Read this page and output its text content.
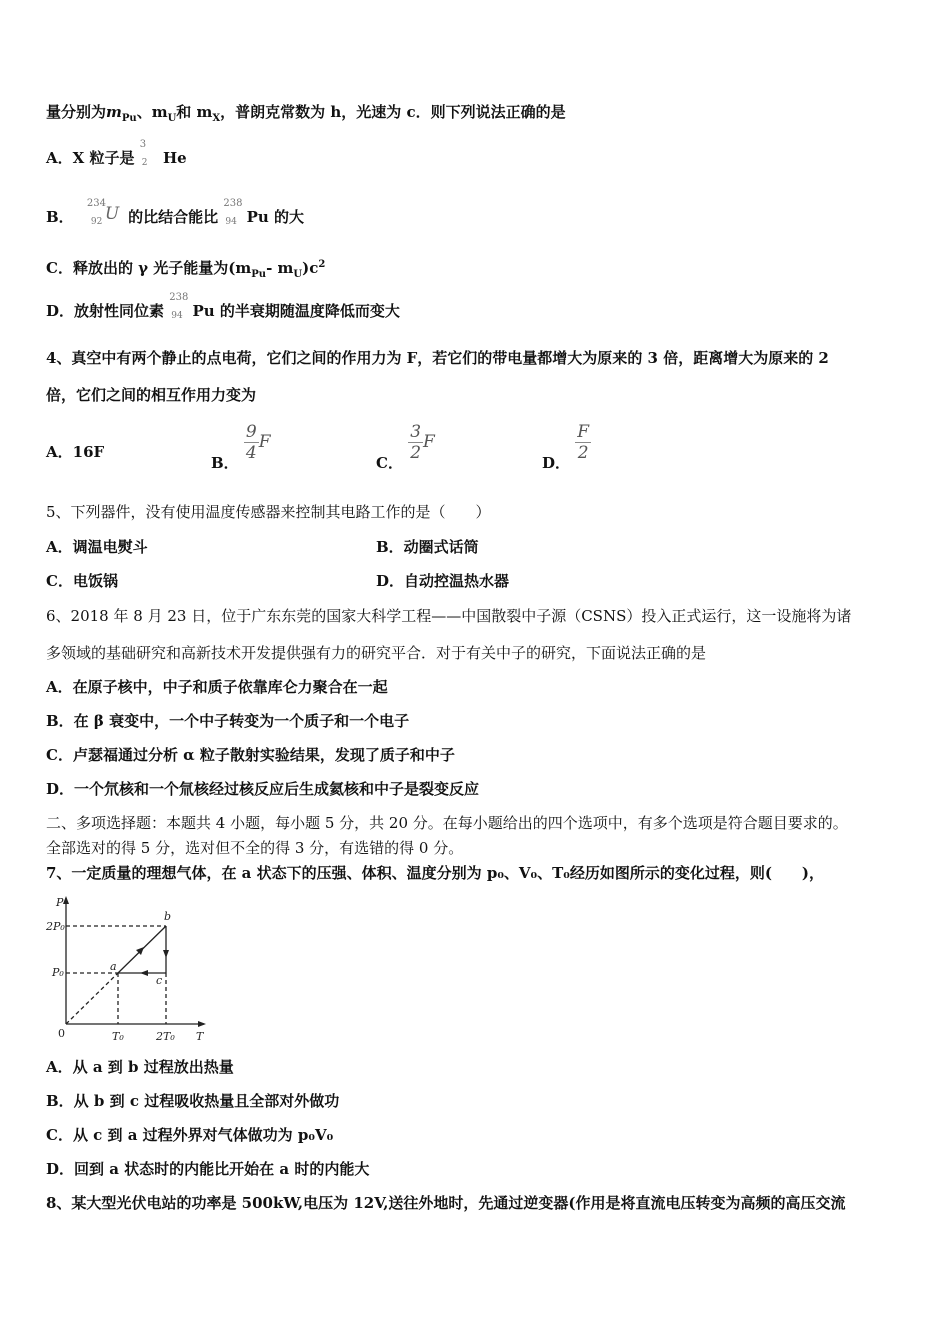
量分别为$m_{Pu}$、$m_U$和 $m_X$，普朗克常数为 h，光速为 c．则下列说法正确的是
A．X 粒子是
3
2 He
B．
234
92 U 的比结合能比
238
94 Pu 的大
C．释放出的 γ 光子能量为($m_{Pu}-$ $m_U)c^2$
D．放射性同位素
238
94 Pu 的半衰期随温度降低而变大
4、真空中有两个静止的点电荷，它们之间的作用力为 F，若它们的带电量都增大为原来的 3 倍，距离增大为原来的 2
倍，它们之间的相互作用力变为
A．16F
B．
$\frac{9}{4}$ F
C．
$\frac{3}{2}$ F
D．
$\frac{F}{2}$
5、下列器件，没有使用温度传感器来控制其电路工作的是（　　）
A．调温电熨斗	B．动圈式话筒
C．电饭锅	D．自动控温热水器
6、2018 年 8 月 23 日，位于广东东莞的国家大科学工程——中国散裂中子源（CSNS）投入正式运行，这一设施将为诸
多领域的基础研究和高新技术开发提供强有力的研究平合．对于有关中子的研究，下面说法正确的是
A．在原子核中，中子和质子依靠库仑力聚合在一起
B．在 β 衰变中，一个中子转变为一个质子和一个电子
C．卢瑟福通过分析 α 粒子散射实验结果，发现了质子和中子
D．一个氘核和一个氚核经过核反应后生成氦核和中子是裂变反应
二、多项选择题：本题共 4 小题，每小题 5 分，共 20 分。在每小题给出的四个选项中，有多个选项是符合题目要求的。
全部选对的得 5 分，选对但不全的得 3 分，有选错的得 0 分。
7、一定质量的理想气体，在 a 状态下的压强、体积、温度分别为 p₀、V₀、T₀经历如图所示的变化过程，则(　　)，
P
T
0
2P₀
P₀
T₀	2T₀
a
b
c
A．从 a 到 b 过程放出热量
B．从 b 到 c 过程吸收热量且全部对外做功
C．从 c 到 a 过程外界对气体做功为 p₀V₀
D．回到 a 状态时的内能比开始在 a 时的内能大
8、某大型光伏电站的功率是 500kW,电压为 12V,送往外地时，先通过逆变器(作用是将直流电压转变为高频的高压交流
